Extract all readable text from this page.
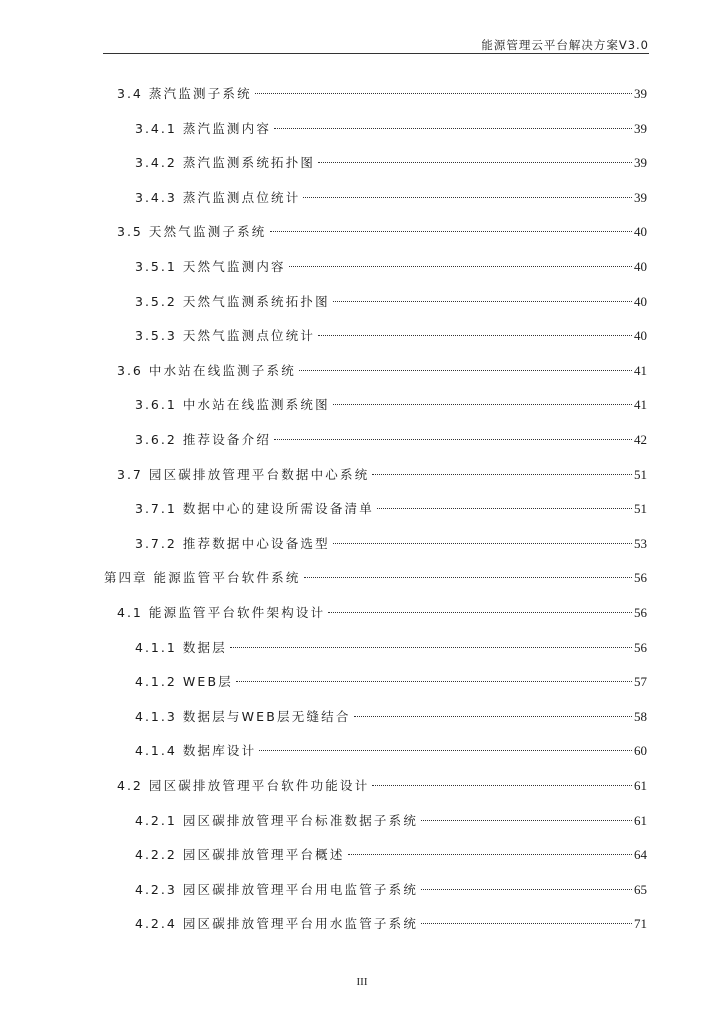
能源管理云平台解决方案V3.0
3.4 蒸汽监测子系统	39
3.4.1 蒸汽监测内容	39
3.4.2 蒸汽监测系统拓扑图	39
3.4.3 蒸汽监测点位统计	39
3.5 天然气监测子系统	40
3.5.1 天然气监测内容	40
3.5.2 天然气监测系统拓扑图	40
3.5.3 天然气监测点位统计	40
3.6 中水站在线监测子系统	41
3.6.1 中水站在线监测系统图	41
3.6.2 推荐设备介绍	42
3.7 园区碳排放管理平台数据中心系统	51
3.7.1 数据中心的建设所需设备清单	51
3.7.2 推荐数据中心设备选型	53
第四章 能源监管平台软件系统	56
4.1 能源监管平台软件架构设计	56
4.1.1 数据层	56
4.1.2 WEB层	57
4.1.3 数据层与WEB层无缝结合	58
4.1.4 数据库设计	60
4.2 园区碳排放管理平台软件功能设计	61
4.2.1 园区碳排放管理平台标准数据子系统	61
4.2.2 园区碳排放管理平台概述	64
4.2.3 园区碳排放管理平台用电监管子系统	65
4.2.4 园区碳排放管理平台用水监管子系统	71
III
